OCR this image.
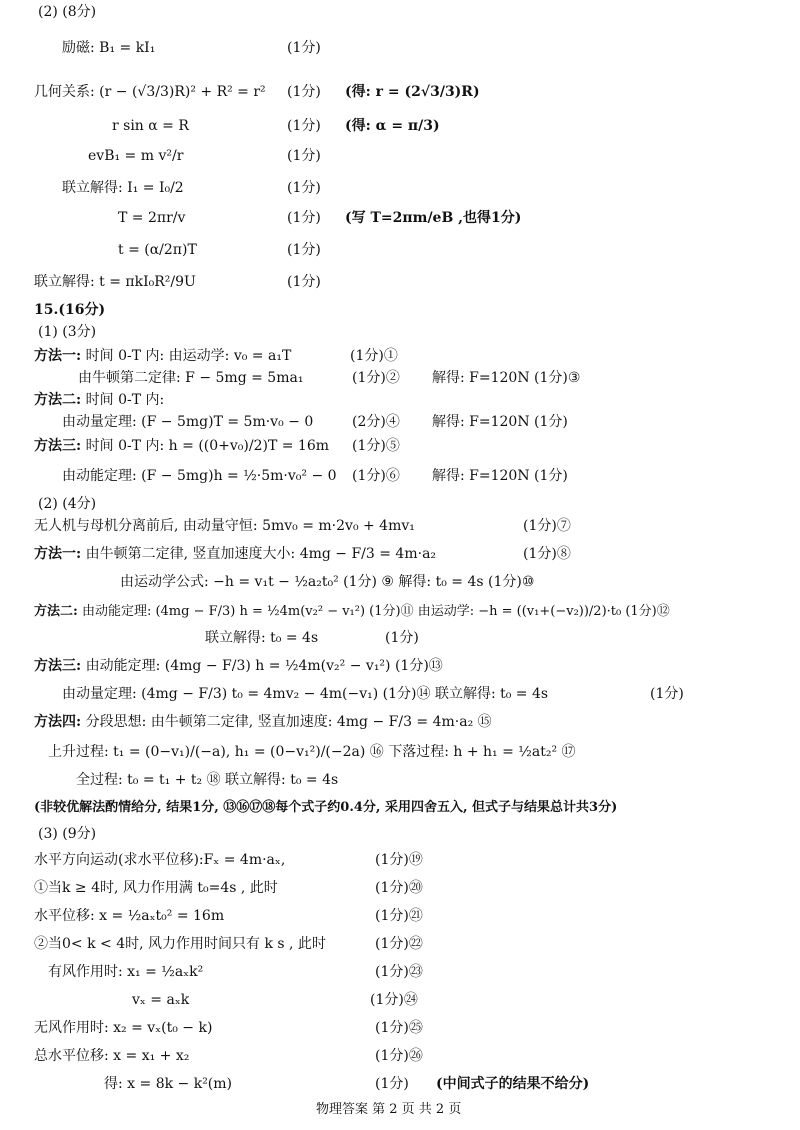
(2) (8分)
励磁: B₁ = kI₁	(1分)
几何关系: (r − (√3/3)R)² + R² = r² (1分) (得: r = (2√3/3)R)
r sin α = R	(1分) (得: α = π/3)
evB₁ = m v²/r	(1分)
联立解得: I₁ = I₀/2	(1分)
T = 2πr/v	(1分) (写 T=2πm/eB ,也得1分)
t = (α/2π)T	(1分)
联立解得: t = πkI₀R²/9U	(1分)
15.(16分)
(1) (3分)
方法一: 时间 0-T 内: 由运动学: v₀ = a₁T	(1分)①
由牛顿第二定律: F − 5mg = 5ma₁	(1分)② 解得: F=120N (1分)③
方法二: 时间 0-T 内:
由动量定理: (F − 5mg)T = 5m·v₀ − 0	(2分)④ 解得: F=120N (1分)
方法三: 时间 0-T 内: h = ((0+v₀)/2)T = 16m (1分)⑤
由动能定理: (F − 5mg)h = ½·5m·v₀² − 0 (1分)⑥ 解得: F=120N (1分)
(2) (4分)
无人机与母机分离前后, 由动量守恒: 5mv₀ = m·2v₀ + 4mv₁	(1分)⑦
方法一: 由牛顿第二定律, 竖直加速度大小: 4mg − F/3 = 4m·a₂	(1分)⑧
由运动学公式: −h = v₁t − ½a₂t₀² (1分) ⑨ 解得: t₀ = 4s (1分)⑩
方法二: 由动能定理: (4mg − F/3) h = ½4m(v₂² − v₁²) (1分)⑪ 由运动学: −h = ((v₁+(−v₂))/2)·t₀ (1分)⑫
联立解得: t₀ = 4s	(1分)
方法三: 由动能定理: (4mg − F/3) h = ½4m(v₂² − v₁²) (1分)⑬
由动量定理: (4mg − F/3) t₀ = 4mv₂ − 4m(−v₁) (1分)⑭ 联立解得: t₀ = 4s	(1分)
方法四: 分段思想: 由牛顿第二定律, 竖直加速度: 4mg − F/3 = 4m·a₂ ⑮
上升过程: t₁ = (0−v₁)/(−a), h₁ = (0−v₁²)/(−2a) ⑯ 下落过程: h + h₁ = ½at₂² ⑰
全过程: t₀ = t₁ + t₂ ⑱ 联立解得: t₀ = 4s
(非较优解法酌情给分, 结果1分, ⑬⑯⑰⑱每个式子约0.4分, 采用四舍五入, 但式子与结果总计共3分)
(3) (9分)
水平方向运动(求水平位移):Fₓ = 4m·aₓ,	(1分)⑲
①当k ≥ 4时, 风力作用满 t₀=4s , 此时	(1分)⑳
水平位移: x = ½aₓt₀² = 16m	(1分)㉑
②当0< k < 4时, 风力作用时间只有 k s , 此时	(1分)㉒
有风作用时: x₁ = ½aₓk²	(1分)㉓
vₓ = aₓk	(1分)㉔
无风作用时: x₂ = vₓ(t₀ − k)	(1分)㉕
总水平位移: x = x₁ + x₂	(1分)㉖
得: x = 8k − k²(m)	(1分) (中间式子的结果不给分)
物理答案 第 2 页 共 2 页
